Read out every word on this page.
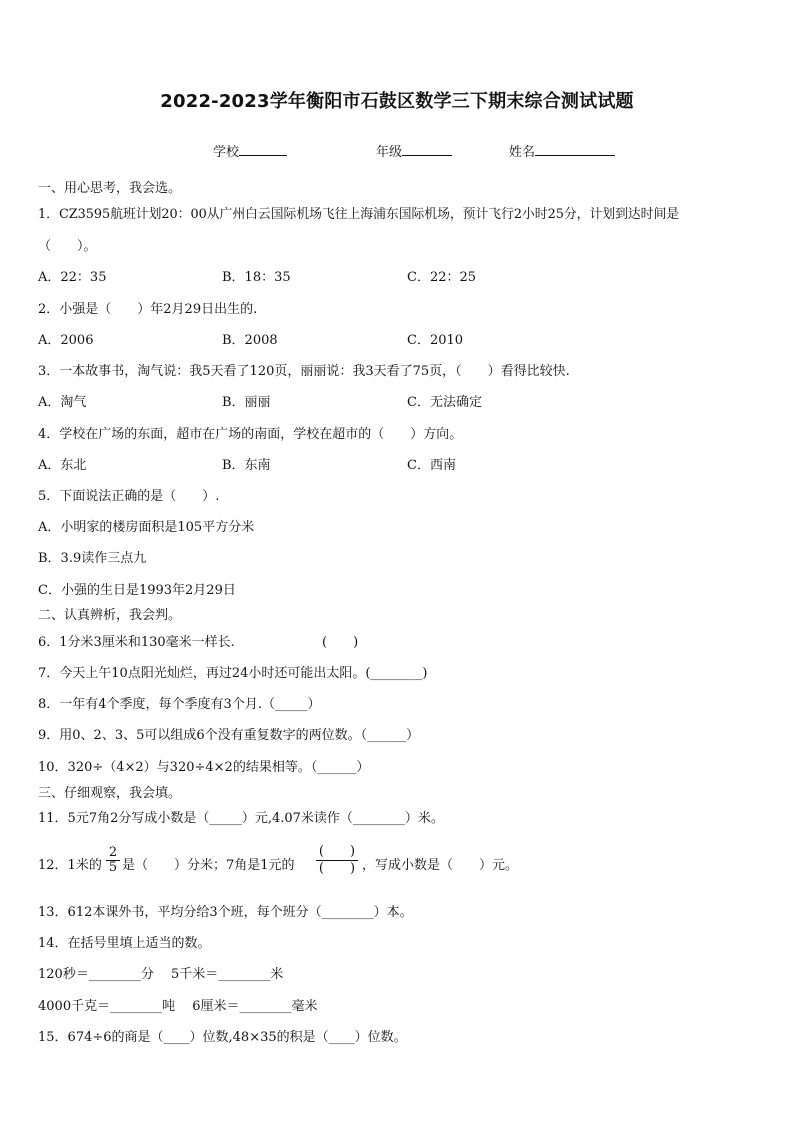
2022-2023学年衡阳市石鼓区数学三下期末综合测试试题
学校	年级	姓名
一、用心思考，我会选。
1．CZ3595航班计划20：00从广州白云国际机场飞往上海浦东国际机场，预计飞行2小时25分，计划到达时间是
（　　）。
A．22：35	B．18：35	C．22：25
2．小强是（　　）年2月29日出生的.
A．2006	B．2008	C．2010
3．一本故事书，淘气说：我5天看了120页，丽丽说：我3天看了75页，（　　）看得比较快.
A．淘气	B．丽丽	C．无法确定
4．学校在广场的东面，超市在广场的南面，学校在超市的（　　）方向。
A．东北	B．东南	C．西南
5．下面说法正确的是（　　）.
A．小明家的楼房面积是105平方分米
B．3.9读作三点九
C．小强的生日是1993年2月29日
二、认真辨析，我会判。
6．1分米3厘米和130毫米一样长.	(　　)
7．今天上午10点阳光灿烂，再过24小时还可能出太阳。(________)
8．一年有4个季度，每个季度有3个月.（_____）
9．用0、2、3、5可以组成6个没有重复数字的两位数。（______）
10．320÷（4×2）与320÷4×2的结果相等。（______）
三、仔细观察，我会填。
11．5元7角2分写成小数是（_____）元,4.07米读作（________）米。
12．1米的
2
5 是（　　）分米；7角是1元的
(　　)
(　　) ，写成小数是（　　）元。
13．612本课外书，平均分给3个班，每个班分（________）本。
14．在括号里填上适当的数。
120秒＝________分　 5千米＝________米
4000千克＝________吨　 6厘米＝________毫米
15．674÷6的商是（____）位数,48×35的积是（____）位数。
